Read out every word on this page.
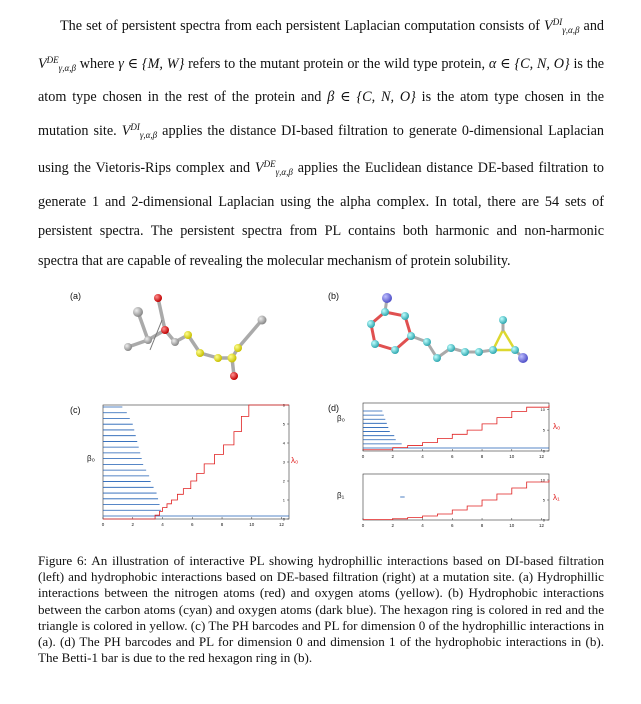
The set of persistent spectra from each persistent Laplacian computation consists of $V^{DI}_{\gamma,\alpha,\beta}$ and $VDE_{\gamma,\alpha,\beta}$ where γ ∈ {M, W} refers to the mutant protein or the wild type protein, α ∈ {C, N, O} is the atom type chosen in the rest of the protein and β ∈ {C, N, O} is the atom type chosen in the mutation site. $V^{DI}_{\gamma,\alpha,\beta}$ applies the distance DI-based filtration to generate 0-dimensional Laplacian using the Vietoris-Rips complex and $VDE_{\gamma,\alpha,\beta}$ applies the Euclidean distance DE-based filtration to generate 1 and 2-dimensional Laplacian using the alpha complex. In total, there are 54 sets of persistent spectra. The persistent spectra from PL contains both harmonic and non-harmonic spectra that are capable of revealing the molecular mechanism of protein solubility.

(a)	(b)
(c)	(d)
0	2	4	6	8	10	12
0
1
2
3
4
5
6
β₀	λ₀	0	2	4	6	8	10	12
0
5
10
β₀
λ₀
0	2	4	6	8	10	12
0
5
10
β₁	λ₁
Figure 6: An illustration of interactive PL showing hydrophillic interactions based on DI-based filtration (left) and hydrophobic interactions based on DE-based filtration (right) at a mutation site. (a) Hydrophillic interactions between the nitrogen atoms (red) and oxygen atoms (yellow). (b) Hydrophobic interactions between the carbon atoms (cyan) and oxygen atoms (dark blue). The hexagon ring is colored in red and the triangle is colored in yellow. (c) The PH barcodes and PL for dimension 0 of the hydrophillic interactions in (a). (d) The PH barcodes and PL for dimension 0 and dimension 1 of the hydrophobic interactions in (b). The Betti-1 bar is due to the red hexagon ring in (b).
